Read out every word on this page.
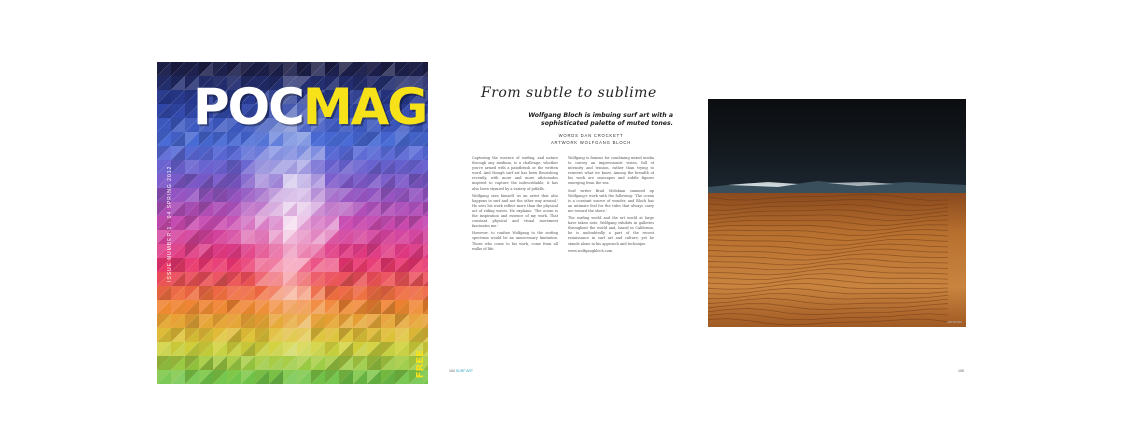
POCMAG
ISSUE NUMBER 1 · 04 SPRING 2012
FREE
From subtle to sublime
Wolfgang Bloch is imbuing surf art with a sophisticated palette of muted tones.
WORDS DAN CROCKETT
ARTWORK WOLFGANG BLOCH

Capturing the essence of surfing, and nature through any medium, is a challenge, whether you're armed with a paintbrush or the written word. And though surf art has been flourishing recently, with more and more aficionados inspired to capture the indescribable, it has also been stymied by a variety of pitfalls.

Wolfgang sees himself 'as an artist that also happens to surf and not the other way around.' He sees his work reflect more than the physical act of riding waves. He explains: 'The ocean is the inspiration and essence of my work. That constant physical and visual movement fascinates me.'

However, to confine Wolfgang to the surfing spectrum would be an unnecessary limitation. Those who come to his work, come from all walks of life.

Wolfgang is famous for combining mixed media to convey an impressionist vision, full of intensity and tension, rather than trying to reinvent what we know. Among the breadth of his work are seascapes and subtle figures emerging from the sea.

Surf writer Brad Melekian summed up Wolfgang's work with the following: 'The ocean is a constant source of wonder, and Bloch has an intimate feel for the tides that always carry me toward the shore.'

The surfing world and the art world at large have taken note. Wolfgang exhibits in galleries throughout the world and, based in California, he is undoubtedly a part of the recent renaissance in surf art and culture, yet he stands alone in his approach and technique.

www.wolfgangbloch.com

104 SURF ART
ARTWORK
105
